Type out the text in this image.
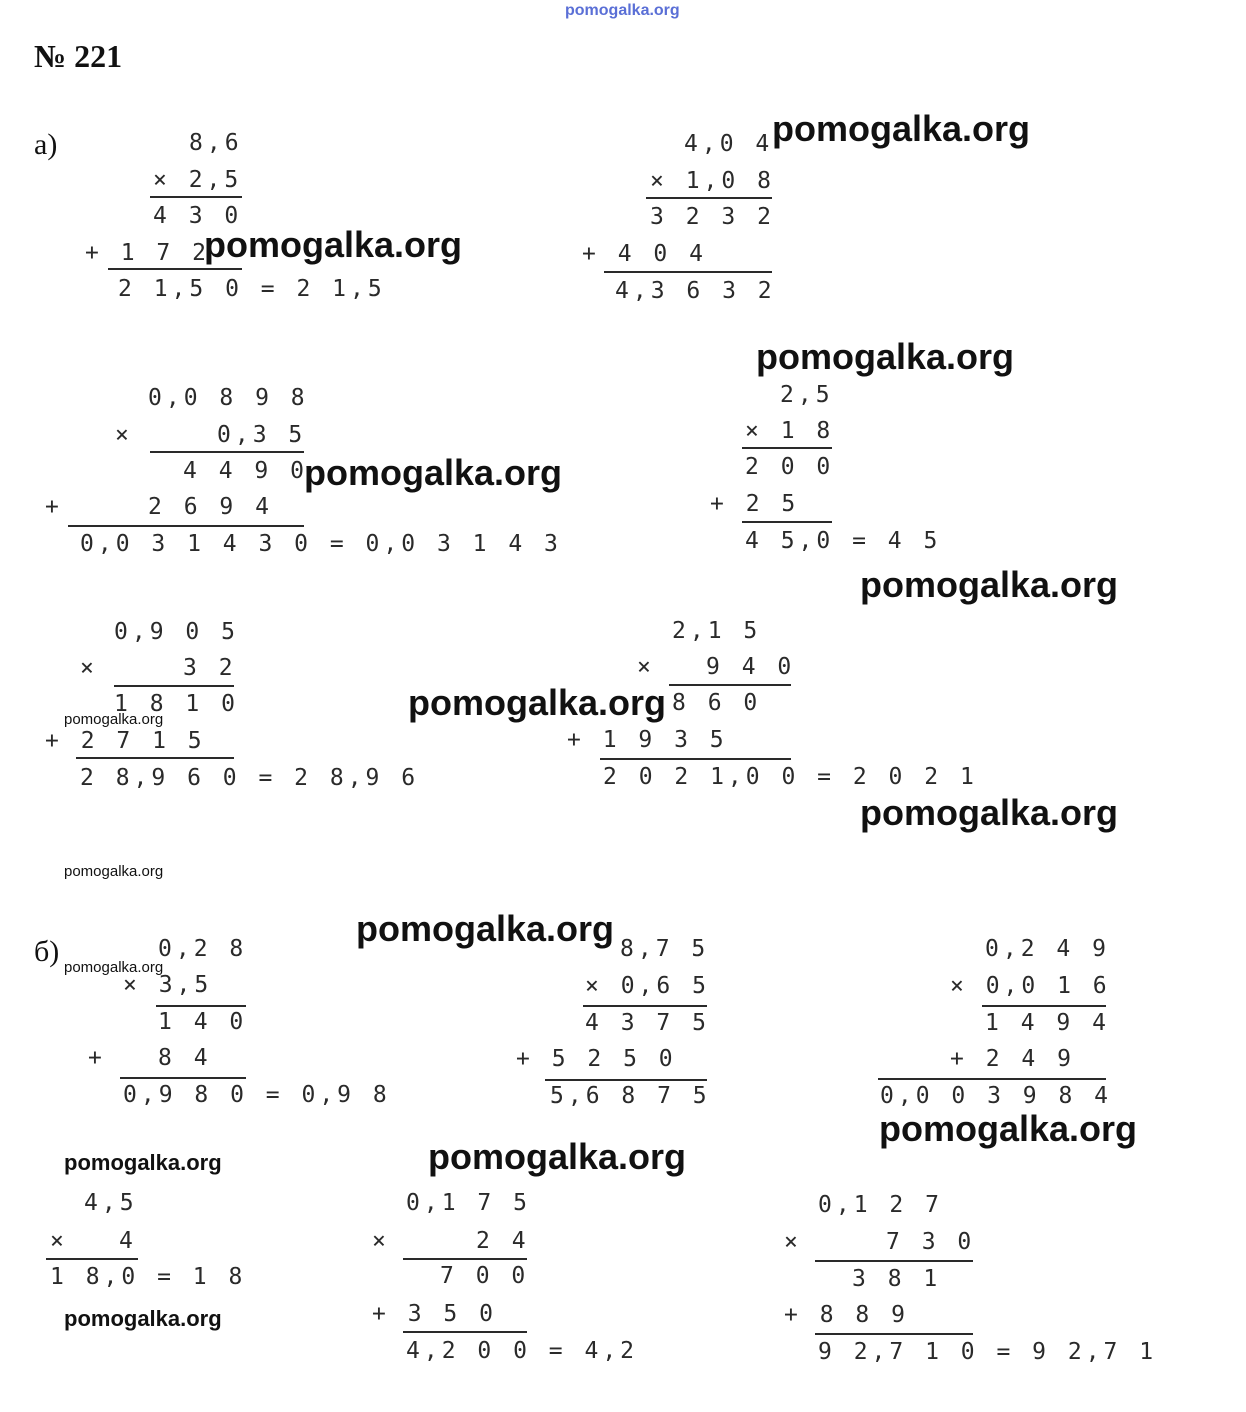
pomogalka.org
№ 221
а)
б)
8,6
× 2,5
4 3 0
+ 1 7 2
2 1,5 0 = 2 1,5
4,0 4
× 1,0 8
3 2 3 2
+ 4 0 4
4,3 6 3 2
0,0 8 9 8
×	0,3 5
4 4 9 0
+	2 6 9 4
0,0 3 1 4 3 0 = 0,0 3 1 4 3
2,5
× 1 8
2 0 0
+ 2 5
4 5,0 = 4 5
0,9 0 5
×	3 2
1 8 1 0
+ 2 7 1 5
2 8,9 6 0 = 2 8,9 6
2,1 5
× 9 4 0
8 6 0
+ 1 9 3 5
2 0 2 1,0 0 = 2 0 2 1
0,2 8
× 3,5
1 4 0
+ 8 4
0,9 8 0 = 0,9 8
8,7 5
× 0,6 5
4 3 7 5
+ 5 2 5 0
5,6 8 7 5
0,2 4 9
× 0,0 1 6
1 4 9 4
+ 2 4 9
0,0 0 3 9 8 4
4,5
× 4
1 8,0 = 1 8
0,1 7 5
×	2 4
7 0 0
+ 3 5 0
4,2 0 0 = 4,2
0,1 2 7
×	7 3 0
3 8 1
+ 8 8 9
9 2,7 1 0 = 9 2,7 1
pomogalka.org
pomogalka.org
pomogalka.org
pomogalka.org
pomogalka.org
pomogalka.org
pomogalka.org
pomogalka.org
pomogalka.org
pomogalka.org
pomogalka.org
pomogalka.org
pomogalka.org
pomogalka.org
pomogalka.org
